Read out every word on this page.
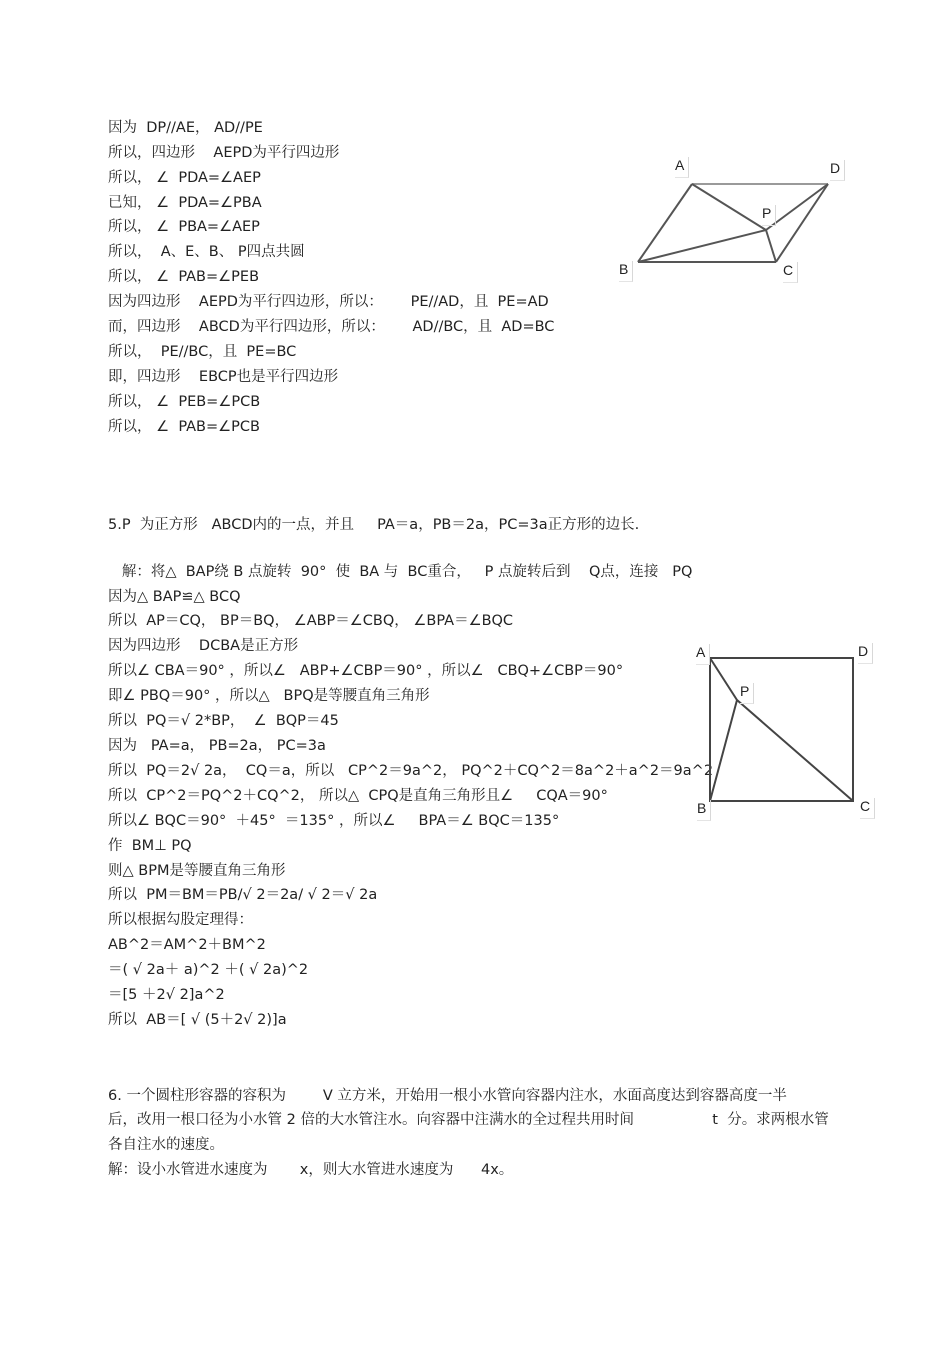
因为  DP//AE， AD//PE
所以，四边形    AEPD为平行四边形
所以， ∠  PDA=∠AEP
已知， ∠  PDA=∠PBA
所以， ∠  PBA=∠AEP
所以，  A、E、B、 P四点共圆
所以， ∠  PAB=∠PEB
因为四边形    AEPD为平行四边形，所以：      PE//AD，且  PE=AD
而，四边形    ABCD为平行四边形，所以：      AD//BC，且  AD=BC
所以，  PE//BC，且  PE=BC
即，四边形    EBCP也是平行四边形
所以， ∠  PEB=∠PCB
所以， ∠  PAB=∠PCB
A	D
P
B	C
5.P  为正方形   ABCD内的一点，并且     PA＝a，PB＝2a，PC=3a正方形的边长.
解：将△  BAP绕 B 点旋转  90°  使  BA 与  BC重合，   P 点旋转后到    Q点，连接   PQ
因为△ BAP≌△ BCQ
所以  AP＝CQ， BP＝BQ， ∠ABP＝∠CBQ， ∠BPA＝∠BQC
因为四边形    DCBA是正方形
所以∠ CBA＝90° ，所以∠   ABP+∠CBP＝90° ，所以∠   CBQ+∠CBP＝90°
即∠ PBQ＝90° ，所以△   BPQ是等腰直角三角形
所以  PQ＝√ 2*BP，  ∠  BQP＝45
因为   PA=a， PB=2a， PC=3a
所以  PQ＝2√ 2a，  CQ＝a，所以   CP^2＝9a^2， PQ^2＋CQ^2＝8a^2＋a^2＝9a^2
所以  CP^2＝PQ^2＋CQ^2， 所以△  CPQ是直角三角形且∠     CQA＝90°
所以∠ BQC＝90°  ＋45°  ＝135° ，所以∠     BPA＝∠ BQC＝135°
作  BM⊥ PQ
则△ BPM是等腰直角三角形
所以  PM＝BM＝PB/√ 2＝2a/ √ 2＝√ 2a
所以根据勾股定理得：
AB^2＝AM^2＋BM^2
＝( √ 2a＋ a)^2 ＋( √ 2a)^2
＝[5 ＋2√ 2]a^2
所以  AB＝[ √ (5＋2√ 2)]a
A	D
P
B	C
6. 一个圆柱形容器的容积为        V 立方米，开始用一根小水管向容器内注水，水面高度达到容器高度一半
后，改用一根口径为小水管 2 倍的大水管注水。向容器中注满水的全过程共用时间                 t  分。求两根水管
各自注水的速度。
解：设小水管进水速度为       x，则大水管进水速度为      4x。
